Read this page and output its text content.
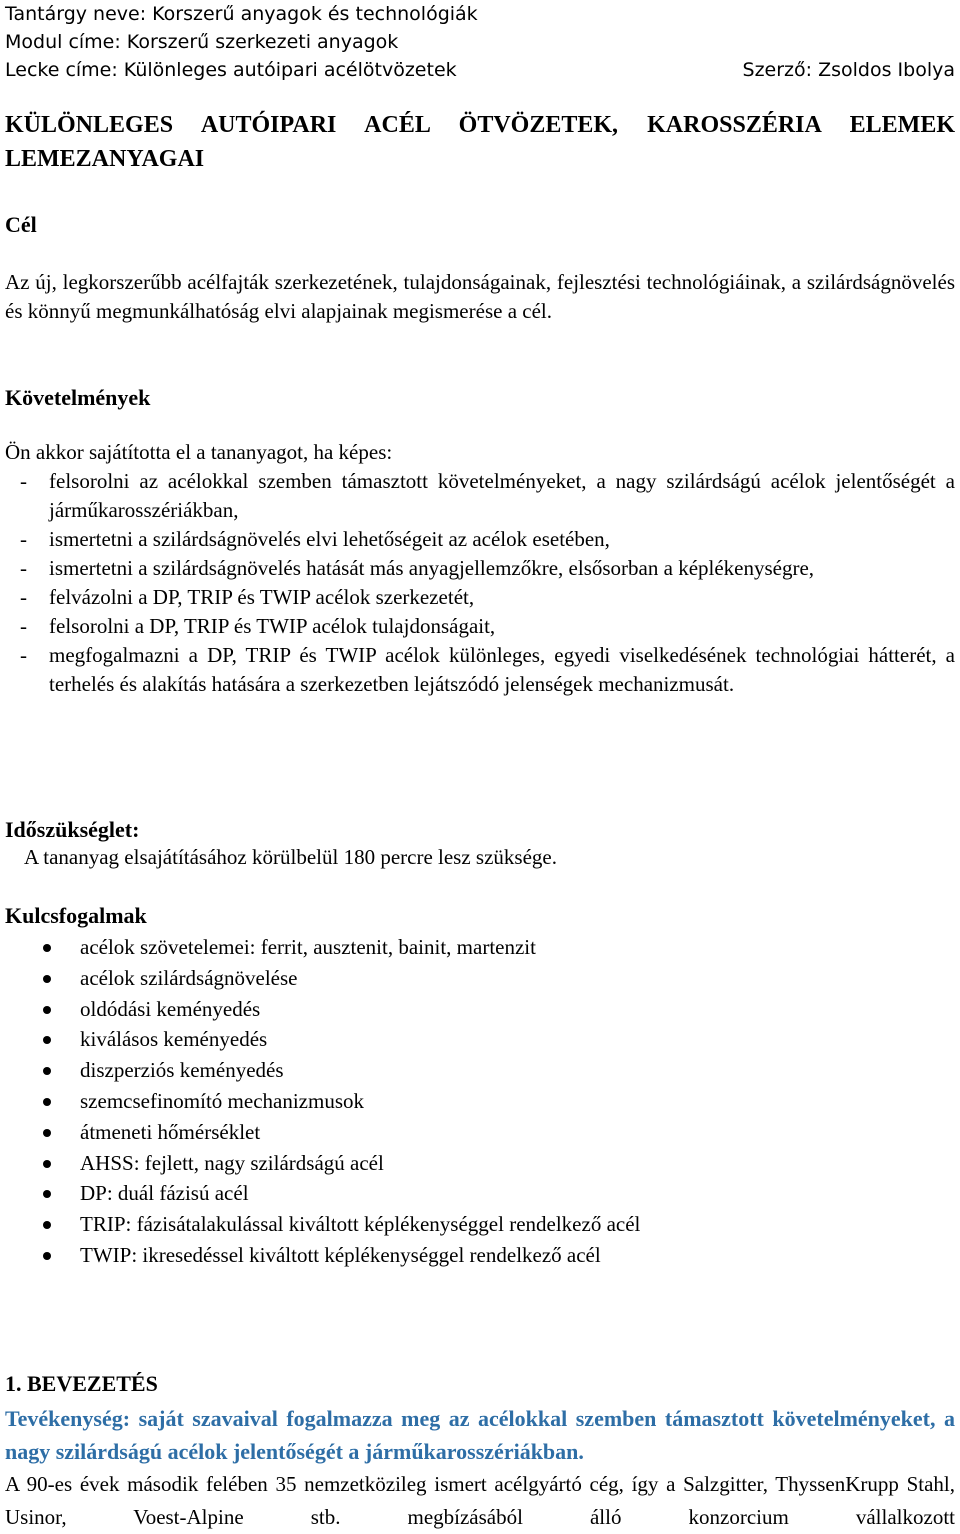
Tantárgy neve: Korszerű anyagok és technológiák
Modul címe: Korszerű szerkezeti anyagok
Lecke címe: Különleges autóipari acélötvözetek	Szerző: Zsoldos Ibolya
KÜLÖNLEGES AUTÓIPARI ACÉL ÖTVÖZETEK, KAROSSZÉRIA ELEMEK LEMEZANYAGAI
Cél
Az új, legkorszerűbb acélfajták szerkezetének, tulajdonságainak, fejlesztési technológiáinak, a szilárdságnövelés és könnyű megmunkálhatóság elvi alapjainak megismerése a cél.
Követelmények
Ön akkor sajátította el a tananyagot, ha képes:
- felsorolni az acélokkal szemben támasztott követelményeket, a nagy szilárdságú acélok jelentőségét a járműkarosszériákban,
- ismertetni a szilárdságnövelés elvi lehetőségeit az acélok esetében,
- ismertetni a szilárdságnövelés hatását más anyagjellemzőkre, elsősorban a képlékenységre,
- felvázolni a DP, TRIP és TWIP acélok szerkezetét,
- felsorolni a DP, TRIP és TWIP acélok tulajdonságait,
- megfogalmazni a DP, TRIP és TWIP acélok különleges, egyedi viselkedésének technológiai hátterét, a terhelés és alakítás hatására a szerkezetben lejátszódó jelenségek mechanizmusát.
Időszükséglet:
A tananyag elsajátításához körülbelül 180 percre lesz szüksége.
Kulcsfogalmak
acélok szövetelemei: ferrit, ausztenit, bainit, martenzit
acélok szilárdságnövelése
oldódási keményedés
kiválásos keményedés
diszperziós keményedés
szemcsefinomító mechanizmusok
átmeneti hőmérséklet
AHSS: fejlett, nagy szilárdságú acél
DP: duál fázisú acél
TRIP: fázisátalakulással kiváltott képlékenységgel rendelkező acél
TWIP: ikresedéssel kiváltott képlékenységgel rendelkező acél
1. BEVEZETÉS
Tevékenység: saját szavaival fogalmazza meg az acélokkal szemben támasztott követelményeket, a nagy szilárdságú acélok jelentőségét a járműkarosszériákban.
A 90-es évek második felében 35 nemzetközileg ismert acélgyártó cég, így a Salzgitter, ThyssenKrupp Stahl, Usinor, Voest-Alpine stb. megbízásából álló konzorcium vállalkozott
